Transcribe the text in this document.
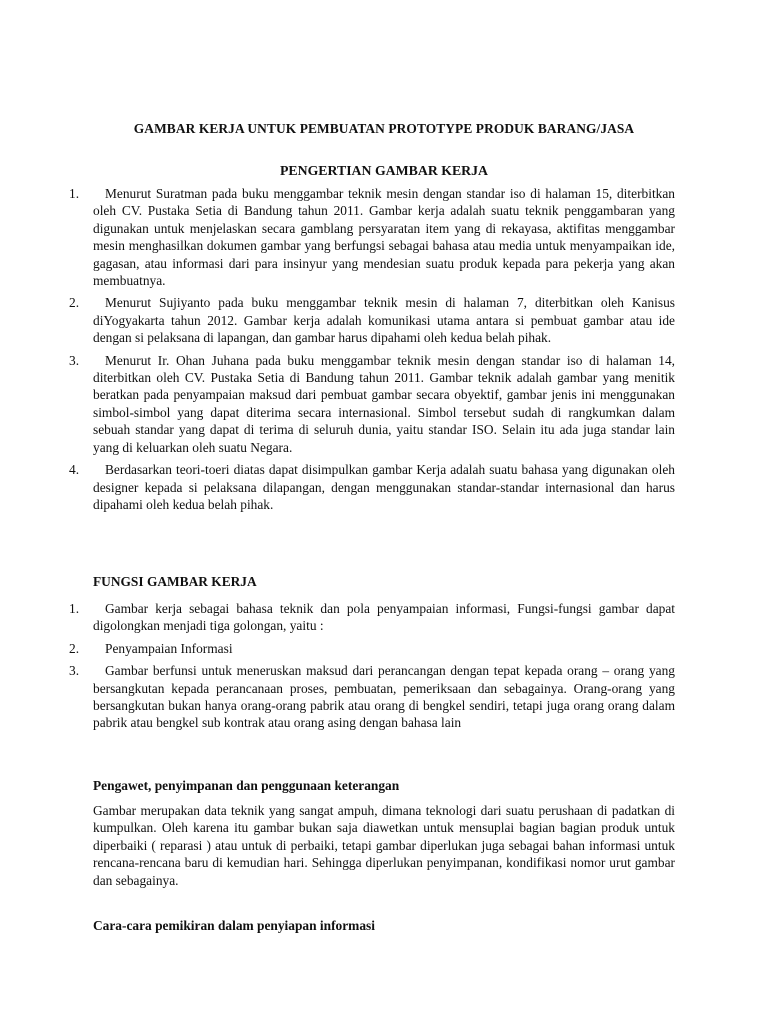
GAMBAR KERJA UNTUK PEMBUATAN PROTOTYPE PRODUK BARANG/JASA
PENGERTIAN GAMBAR KERJA
1.	Menurut Suratman pada buku menggambar teknik mesin dengan standar iso di halaman 15, diterbitkan oleh CV. Pustaka Setia di Bandung tahun 2011. Gambar kerja adalah suatu teknik penggambaran yang digunakan untuk menjelaskan secara gamblang persyaratan item yang di rekayasa, aktifitas menggambar mesin menghasilkan dokumen gambar yang berfungsi sebagai bahasa atau media untuk menyampaikan ide, gagasan, atau informasi dari para insinyur yang mendesian suatu produk kepada para pekerja yang akan membuatnya.
2.	Menurut Sujiyanto pada buku menggambar teknik mesin di halaman 7, diterbitkan oleh Kanisus diYogyakarta tahun 2012. Gambar kerja adalah komunikasi utama antara si pembuat gambar atau ide dengan si pelaksana di lapangan, dan gambar harus dipahami oleh kedua belah pihak.
3.	Menurut Ir. Ohan Juhana pada buku menggambar teknik mesin dengan standar iso di halaman 14, diterbitkan oleh CV. Pustaka Setia di Bandung tahun 2011. Gambar teknik adalah gambar yang menitik beratkan pada penyampaian maksud dari pembuat gambar secara obyektif, gambar jenis ini menggunakan simbol-simbol yang dapat diterima secara internasional. Simbol tersebut sudah di rangkumkan dalam sebuah standar yang dapat di terima di seluruh dunia, yaitu standar ISO. Selain itu ada juga standar lain yang di keluarkan oleh suatu Negara.
4.	Berdasarkan teori-toeri diatas dapat disimpulkan gambar Kerja adalah suatu bahasa yang digunakan oleh designer kepada si pelaksana dilapangan, dengan menggunakan standar-standar internasional dan harus dipahami oleh kedua belah pihak.
FUNGSI GAMBAR KERJA
1.	Gambar kerja sebagai bahasa teknik dan pola penyampaian informasi, Fungsi-fungsi gambar dapat digolongkan menjadi tiga golongan, yaitu :
2.	Penyampaian Informasi
3.	Gambar berfunsi untuk meneruskan maksud dari perancangan dengan tepat kepada orang – orang yang bersangkutan kepada perancanaan proses, pembuatan, pemeriksaan dan sebagainya. Orang-orang yang bersangkutan bukan hanya orang-orang pabrik atau orang di bengkel sendiri, tetapi juga orang orang dalam pabrik atau bengkel sub kontrak atau orang asing dengan bahasa lain
Pengawet, penyimpanan dan penggunaan keterangan
Gambar merupakan data teknik yang sangat ampuh, dimana teknologi dari suatu perushaan di padatkan di kumpulkan. Oleh karena itu gambar bukan saja diawetkan untuk mensuplai bagian bagian produk untuk diperbaiki ( reparasi ) atau untuk di perbaiki, tetapi gambar diperlukan juga sebagai bahan informasi untuk rencana-rencana baru di kemudian hari. Sehingga diperlukan penyimpanan, kondifikasi nomor urut gambar dan sebagainya.
Cara-cara pemikiran dalam penyiapan informasi
